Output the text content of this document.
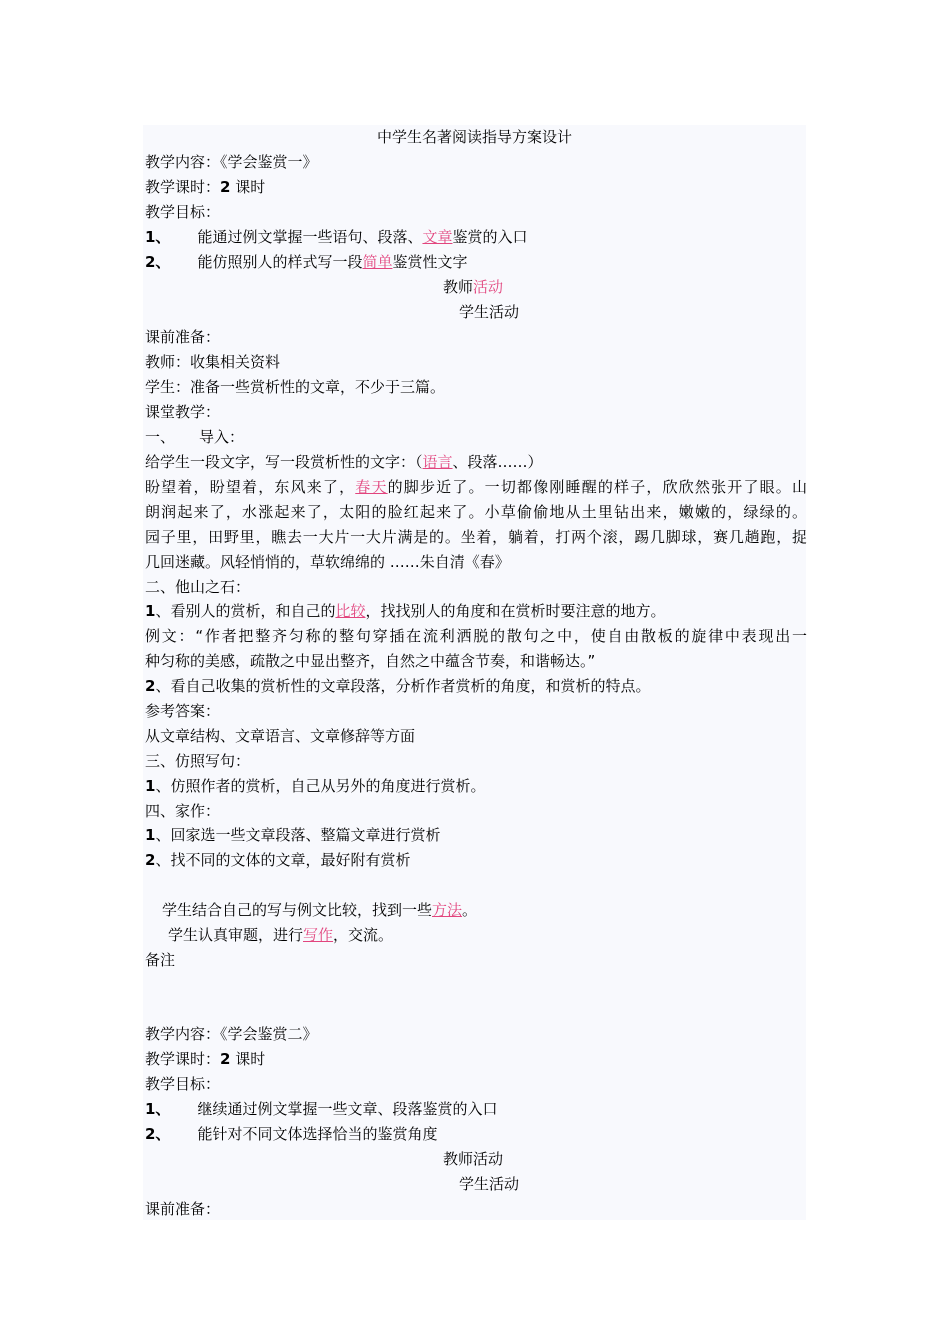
中学生名著阅读指导方案设计
教学内容：《学会鉴赏一》
教学课时：2 课时
教学目标：
1、 能通过例文掌握一些语句、段落、文章鉴赏的入口
2、 能仿照别人的样式写一段简单鉴赏性文字
教师活动
学生活动
课前准备：
教师：收集相关资料
学生：准备一些赏析性的文章，不少于三篇。
课堂教学：
一、 导入：
给学生一段文字，写一段赏析性的文字：（语言、段落……）
盼望着，盼望着，东风来了，春天的脚步近了。一切都像刚睡醒的样子，欣欣然张开了眼。山
朗润起来了，水涨起来了，太阳的脸红起来了。小草偷偷地从土里钻出来，嫩嫩的，绿绿的。
园子里，田野里，瞧去一大片一大片满是的。坐着，躺着，打两个滚，踢几脚球，赛几趟跑，捉
几回迷藏。风轻悄悄的，草软绵绵的 ……朱自清《春》
二、他山之石：
1、看别人的赏析，和自己的比较，找找别人的角度和在赏析时要注意的地方。
例文：“作者把整齐匀称的整句穿插在流利洒脱的散句之中，使自由散板的旋律中表现出一
种匀称的美感，疏散之中显出整齐，自然之中蕴含节奏，和谐畅达。”
2、看自己收集的赏析性的文章段落，分析作者赏析的角度，和赏析的特点。
参考答案：
从文章结构、文章语言、文章修辞等方面
三、仿照写句：
1、仿照作者的赏析，自己从另外的角度进行赏析。
四、家作：
1、回家选一些文章段落、整篇文章进行赏析
2、找不同的文体的文章，最好附有赏析
学生结合自己的写与例文比较，找到一些方法。
学生认真审题，进行写作，交流。
备注
教学内容：《学会鉴赏二》
教学课时：2 课时
教学目标：
1、 继续通过例文掌握一些文章、段落鉴赏的入口
2、 能针对不同文体选择恰当的鉴赏角度
教师活动
学生活动
课前准备：
